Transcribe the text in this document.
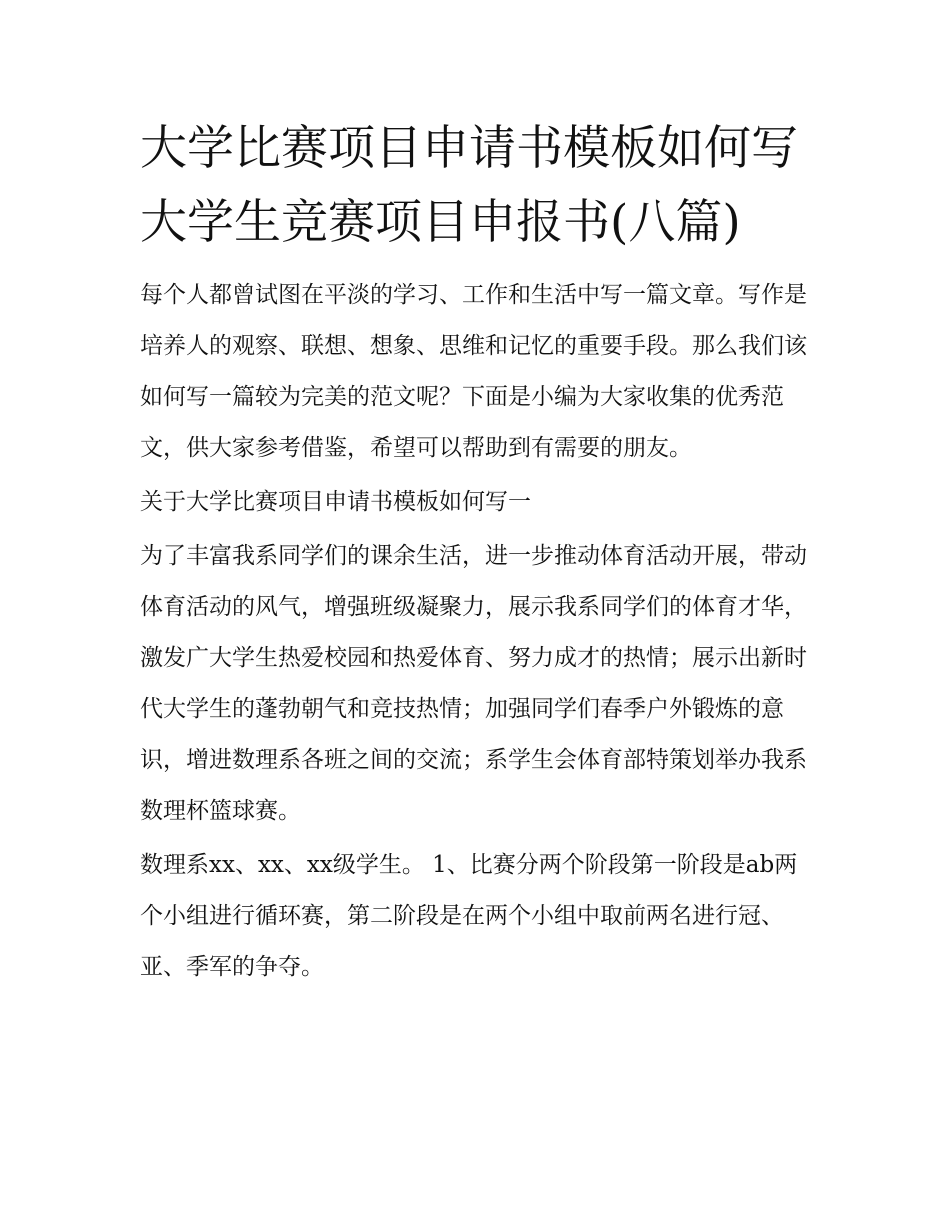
大学比赛项目申请书模板如何写 大学生竞赛项目申报书(八篇)

每个人都曾试图在平淡的学习、工作和生活中写一篇文章。写作是培养人的观察、联想、想象、思维和记忆的重要手段。那么我们该如何写一篇较为完美的范文呢？下面是小编为大家收集的优秀范文，供大家参考借鉴，希望可以帮助到有需要的朋友。

关于大学比赛项目申请书模板如何写一

为了丰富我系同学们的课余生活，进一步推动体育活动开展，带动体育活动的风气，增强班级凝聚力，展示我系同学们的体育才华，激发广大学生热爱校园和热爱体育、努力成才的热情；展示出新时代大学生的蓬勃朝气和竞技热情；加强同学们春季户外锻炼的意识，增进数理系各班之间的交流；系学生会体育部特策划举办我系数理杯篮球赛。

数理系xx、xx、xx级学生。 1、比赛分两个阶段第一阶段是ab两个小组进行循环赛，第二阶段是在两个小组中取前两名进行冠、亚、季军的争夺。
